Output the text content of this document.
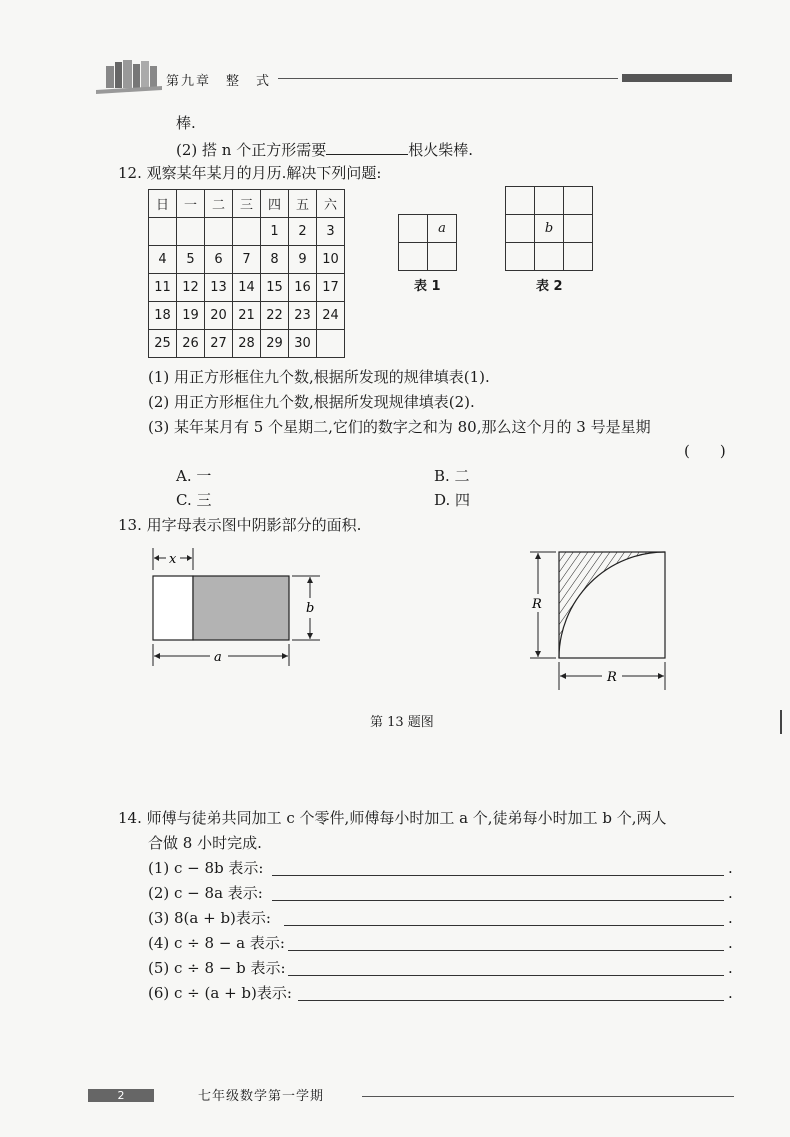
第九章　整　式
棒.
(2) 搭 n 个正方形需要	根火柴棒.
12. 观察某年某月的月历.解决下列问题:
日	一	二	三	四	五	六
				1	2	3
4	5	6	7	8	9	10
11	12	13	14	15	16	17
18	19	20	21	22	23	24
25	26	27	28	29	30	
	a

表 1

	b	

表 2
(1) 用正方形框住九个数,根据所发现的规律填表(1).
(2) 用正方形框住九个数,根据所发现规律填表(2).
(3) 某年某月有 5 个星期二,它们的数字之和为 80,那么这个月的 3 号是星期
(　　)
A. 一	B. 二
C. 三	D. 四
13. 用字母表示图中阴影部分的面积.
x
b
a
R
R
第 13 题图
14. 师傅与徒弟共同加工 c 个零件,师傅每小时加工 a 个,徒弟每小时加工 b 个,两人
合做 8 小时完成.
(1) c − 8b 表示:	.
(2) c − 8a 表示:	.
(3) 8(a + b)表示:	.
(4) c ÷ 8 − a 表示:	.
(5) c ÷ 8 − b 表示:	.
(6) c ÷ (a + b)表示:	.
2	七年级数学第一学期
